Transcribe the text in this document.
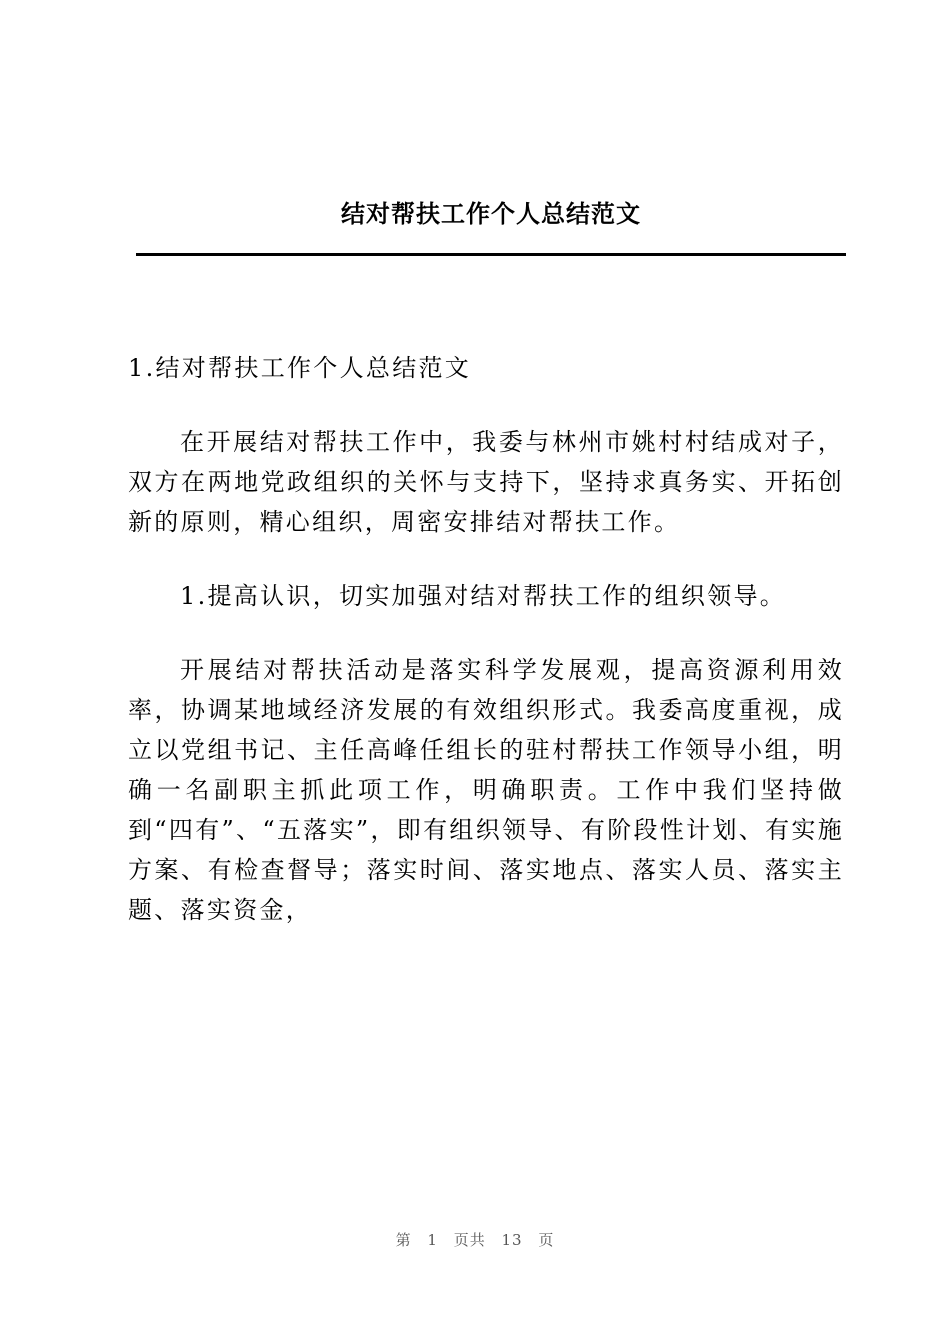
结对帮扶工作个人总结范文

1.结对帮扶工作个人总结范文

在开展结对帮扶工作中，我委与林州市姚村村结成对子，双方在两地党政组织的关怀与支持下，坚持求真务实、开拓创新的原则，精心组织，周密安排结对帮扶工作。

1.提高认识，切实加强对结对帮扶工作的组织领导。

开展结对帮扶活动是落实科学发展观，提高资源利用效率，协调某地域经济发展的有效组织形式。我委高度重视，成立以党组书记、主任高峰任组长的驻村帮扶工作领导小组，明确一名副职主抓此项工作，明确职责。工作中我们坚持做到“四有”、“五落实”，即有组织领导、有阶段性计划、有实施方案、有检查督导；落实时间、落实地点、落实人员、落实主题、落实资金，

第 1 页共 13 页
